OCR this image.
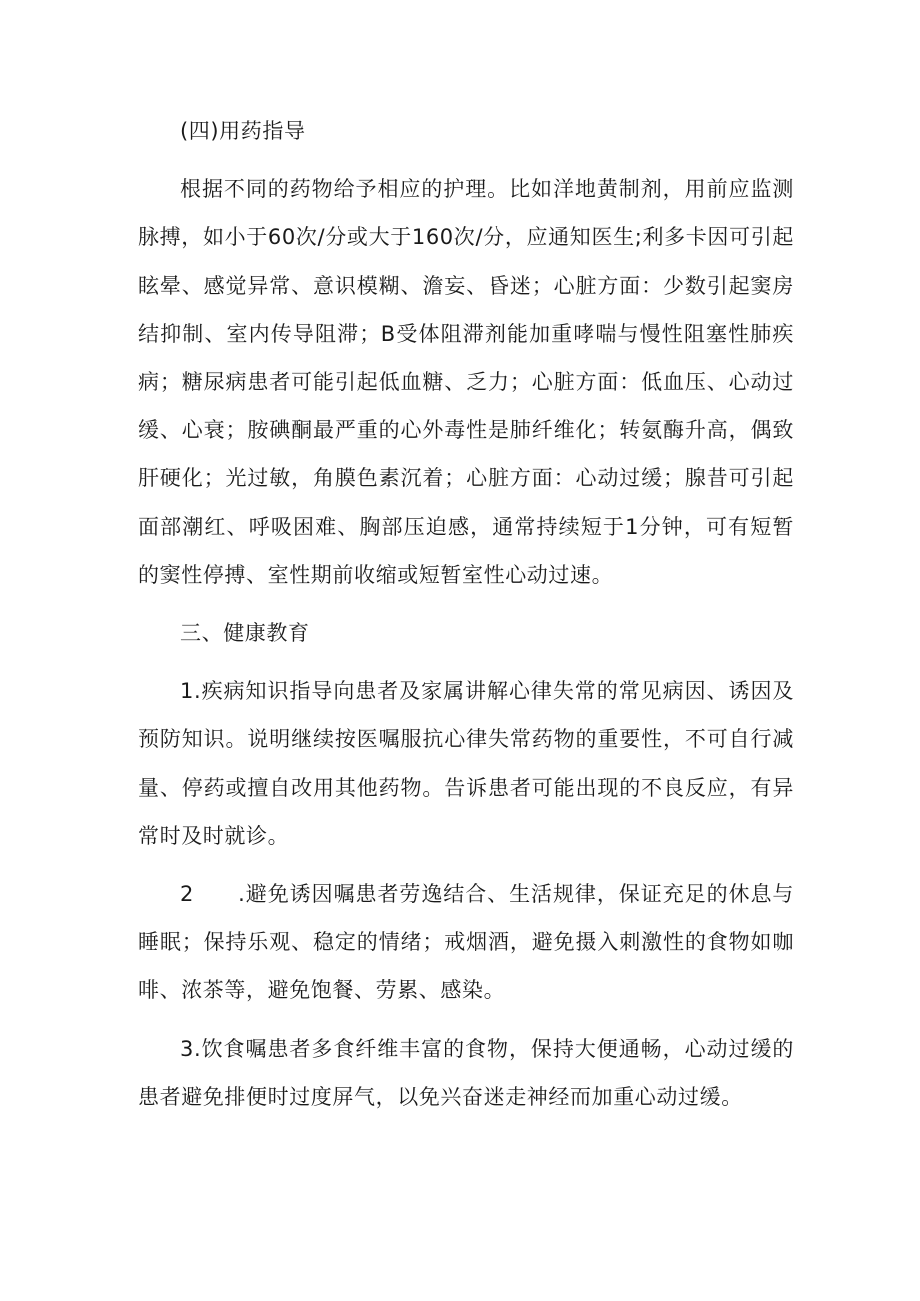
(四)用药指导

根据不同的药物给予相应的护理。比如洋地黄制剂，用前应监测脉搏，如小于60次/分或大于160次/分，应通知医生;利多卡因可引起眩晕、感觉异常、意识模糊、澹妄、昏迷；心脏方面：少数引起窦房结抑制、室内传导阻滞；B受体阻滞剂能加重哮喘与慢性阻塞性肺疾病；糖尿病患者可能引起低血糖、乏力；心脏方面：低血压、心动过缓、心衰；胺碘酮最严重的心外毒性是肺纤维化；转氨酶升高，偶致肝硬化；光过敏，角膜色素沉着；心脏方面：心动过缓；腺昔可引起面部潮红、呼吸困难、胸部压迫感，通常持续短于1分钟，可有短暂的窦性停搏、室性期前收缩或短暂室性心动过速。

三、健康教育

1.疾病知识指导向患者及家属讲解心律失常的常见病因、诱因及预防知识。说明继续按医嘱服抗心律失常药物的重要性，不可自行减量、停药或擅自改用其他药物。告诉患者可能出现的不良反应，有异常时及时就诊。

2　　.避免诱因嘱患者劳逸结合、生活规律，保证充足的休息与睡眠；保持乐观、稳定的情绪；戒烟酒，避免摄入刺激性的食物如咖啡、浓茶等，避免饱餐、劳累、感染。

3.饮食嘱患者多食纤维丰富的食物，保持大便通畅，心动过缓的患者避免排便时过度屏气，以免兴奋迷走神经而加重心动过缓。
